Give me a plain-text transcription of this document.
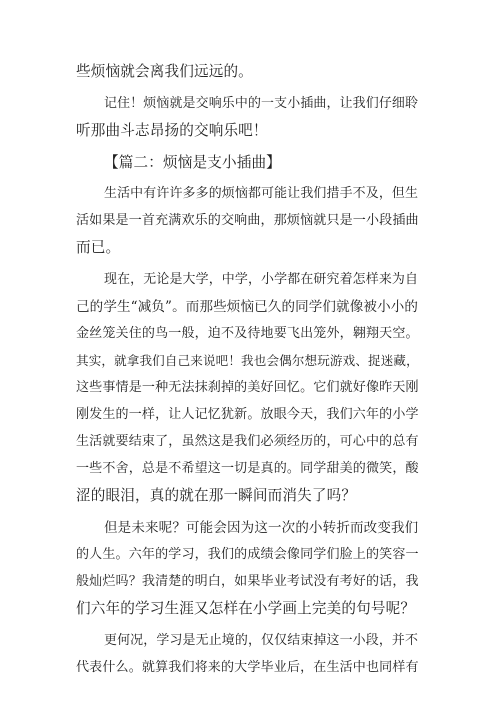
些烦恼就会离我们远远的。
记住！烦恼就是交响乐中的一支小插曲，让我们仔细聆
听那曲斗志昂扬的交响乐吧！
【篇二：烦恼是支小插曲】
生活中有许许多多的烦恼都可能让我们措手不及，但生
活如果是一首充满欢乐的交响曲，那烦恼就只是一小段插曲
而已。
现在，无论是大学，中学，小学都在研究着怎样来为自
己的学生“减负”。而那些烦恼已久的同学们就像被小小的
金丝笼关住的鸟一般，迫不及待地要飞出笼外，翱翔天空。
其实，就拿我们自己来说吧！我也会偶尔想玩游戏、捉迷藏，
这些事情是一种无法抹刹掉的美好回忆。它们就好像昨天刚
刚发生的一样，让人记忆犹新。放眼今天，我们六年的小学
生活就要结束了，虽然这是我们必须经历的，可心中的总有
一些不舍，总是不希望这一切是真的。同学甜美的微笑，酸
涩的眼泪，真的就在那一瞬间而消失了吗？
但是未来呢？可能会因为这一次的小转折而改变我们
的人生。六年的学习，我们的成绩会像同学们脸上的笑容一
般灿烂吗？我清楚的明白，如果毕业考试没有考好的话，我
们六年的学习生涯又怎样在小学画上完美的句号呢？
更何况，学习是无止境的，仅仅结束掉这一小段，并不
代表什么。就算我们将来的大学毕业后，在生活中也同样有
